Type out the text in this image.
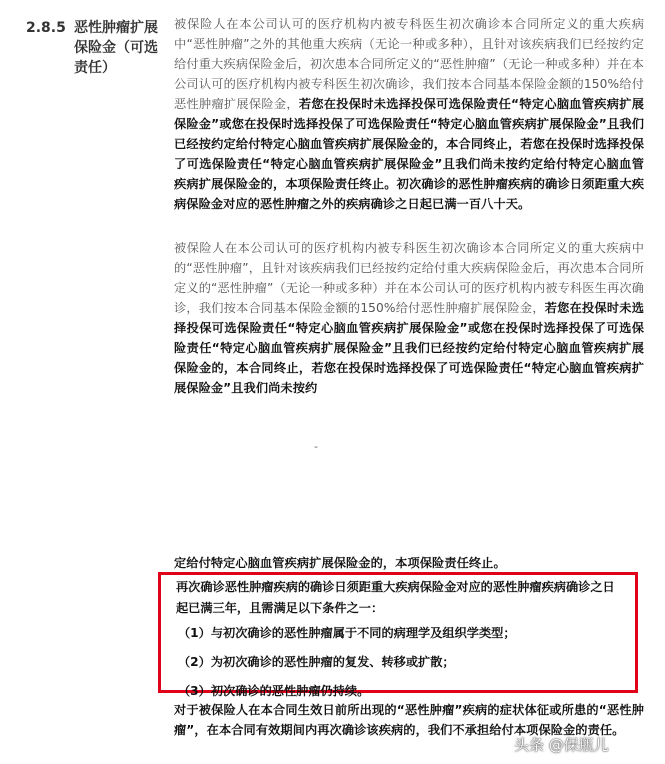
2.8.5 恶性肿瘤扩展保险金（可选责任）
被保险人在本公司认可的医疗机构内被专科医生初次确诊本合同所定义的重大疾病中“恶性肿瘤”之外的其他重大疾病（无论一种或多种），且针对该疾病我们已经按约定给付重大疾病保险金后，初次患本合同所定义的“恶性肿瘤”（无论一种或多种）并在本公司认可的医疗机构内被专科医生初次确诊，我们按本合同基本保险金额的150%给付恶性肿瘤扩展保险金，若您在投保时未选择投保可选保险责任“特定心脑血管疾病扩展保险金”或您在投保时选择投保了可选保险责任“特定心脑血管疾病扩展保险金”且我们已经按约定给付特定心脑血管疾病扩展保险金的，本合同终止，若您在投保时选择投保了可选保险责任“特定心脑血管疾病扩展保险金”且我们尚未按约定给付特定心脑血管疾病扩展保险金的，本项保险责任终止。初次确诊的恶性肿瘤疾病的确诊日须距重大疾病保险金对应的恶性肿瘤之外的疾病确诊之日起已满一百八十天。
被保险人在本公司认可的医疗机构内被专科医生初次确诊本合同所定义的重大疾病中的“恶性肿瘤”，且针对该疾病我们已经按约定给付重大疾病保险金后，再次患本合同所定义的“恶性肿瘤”（无论一种或多种）并在本公司认可的医疗机构内被专科医生再次确诊，我们按本合同基本保险金额的150%给付恶性肿瘤扩展保险金，若您在投保时未选择投保可选保险责任“特定心脑血管疾病扩展保险金”或您在投保时选择投保了可选保险责任“特定心脑血管疾病扩展保险金”且我们已经按约定给付特定心脑血管疾病扩展保险金的，本合同终止，若您在投保时选择投保了可选保险责任“特定心脑血管疾病扩展保险金”且我们尚未按约
-
定给付特定心脑血管疾病扩展保险金的，本项保险责任终止。
再次确诊恶性肿瘤疾病的确诊日须距重大疾病保险金对应的恶性肿瘤疾病确诊之日起已满三年，且需满足以下条件之一：
（1）与初次确诊的恶性肿瘤属于不同的病理学及组织学类型；
（2）为初次确诊的恶性肿瘤的复发、转移或扩散；
（3）初次确诊的恶性肿瘤仍持续。
对于被保险人在本合同生效日前所出现的“恶性肿瘤”疾病的症状体征或所患的“恶性肿瘤”，在本合同有效期间内再次确诊该疾病的，我们不承担给付本项保险金的责任。
头条 @保瓶儿
